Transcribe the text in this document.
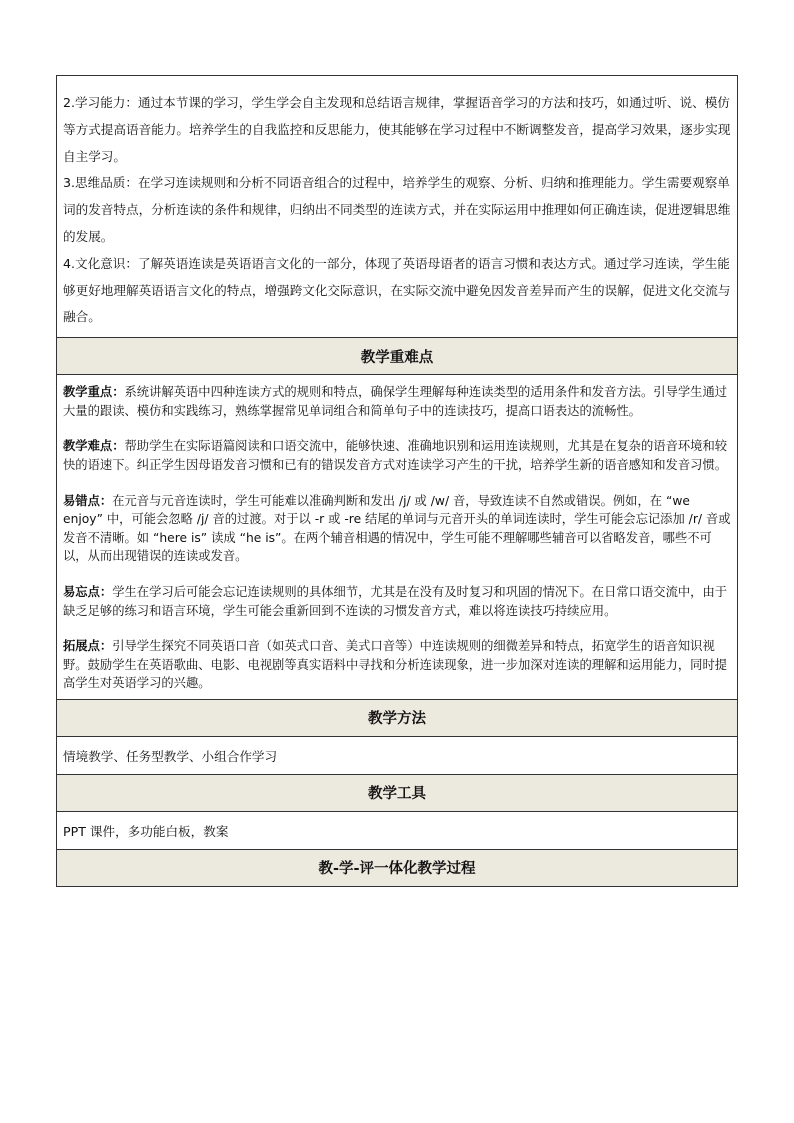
2.学习能力：通过本节课的学习，学生学会自主发现和总结语言规律，掌握语音学习的方法和技巧，如通过听、说、模仿等方式提高语音能力。培养学生的自我监控和反思能力，使其能够在学习过程中不断调整发音，提高学习效果，逐步实现自主学习。

3.思维品质：在学习连读规则和分析不同语音组合的过程中，培养学生的观察、分析、归纳和推理能力。学生需要观察单词的发音特点，分析连读的条件和规律，归纳出不同类型的连读方式，并在实际运用中推理如何正确连读，促进逻辑思维的发展。

4.文化意识：了解英语连读是英语语言文化的一部分，体现了英语母语者的语言习惯和表达方式。通过学习连读，学生能够更好地理解英语语言文化的特点，增强跨文化交际意识，在实际交流中避免因发音差异而产生的误解，促进文化交流与融合。

教学重难点

教学重点：系统讲解英语中四种连读方式的规则和特点，确保学生理解每种连读类型的适用条件和发音方法。引导学生通过大量的跟读、模仿和实践练习，熟练掌握常见单词组合和简单句子中的连读技巧，提高口语表达的流畅性。

教学难点：帮助学生在实际语篇阅读和口语交流中，能够快速、准确地识别和运用连读规则，尤其是在复杂的语音环境和较快的语速下。纠正学生因母语发音习惯和已有的错误发音方式对连读学习产生的干扰，培养学生新的语音感知和发音习惯。

易错点：在元音与元音连读时，学生可能难以准确判断和发出 /j/ 或 /w/ 音，导致连读不自然或错误。例如，在 “we enjoy” 中，可能会忽略 /j/ 音的过渡。对于以 -r 或 -re 结尾的单词与元音开头的单词连读时，学生可能会忘记添加 /r/ 音或发音不清晰。如 “here is” 读成 “he is”。在两个辅音相遇的情况中，学生可能不理解哪些辅音可以省略发音，哪些不可以，从而出现错误的连读或发音。

易忘点：学生在学习后可能会忘记连读规则的具体细节，尤其是在没有及时复习和巩固的情况下。在日常口语交流中，由于缺乏足够的练习和语言环境，学生可能会重新回到不连读的习惯发音方式，难以将连读技巧持续应用。

拓展点：引导学生探究不同英语口音（如英式口音、美式口音等）中连读规则的细微差异和特点，拓宽学生的语音知识视野。鼓励学生在英语歌曲、电影、电视剧等真实语料中寻找和分析连读现象，进一步加深对连读的理解和运用能力，同时提高学生对英语学习的兴趣。

教学方法
情境教学、任务型教学、小组合作学习
教学工具
PPT 课件，多功能白板，教案
教-学-评一体化教学过程
